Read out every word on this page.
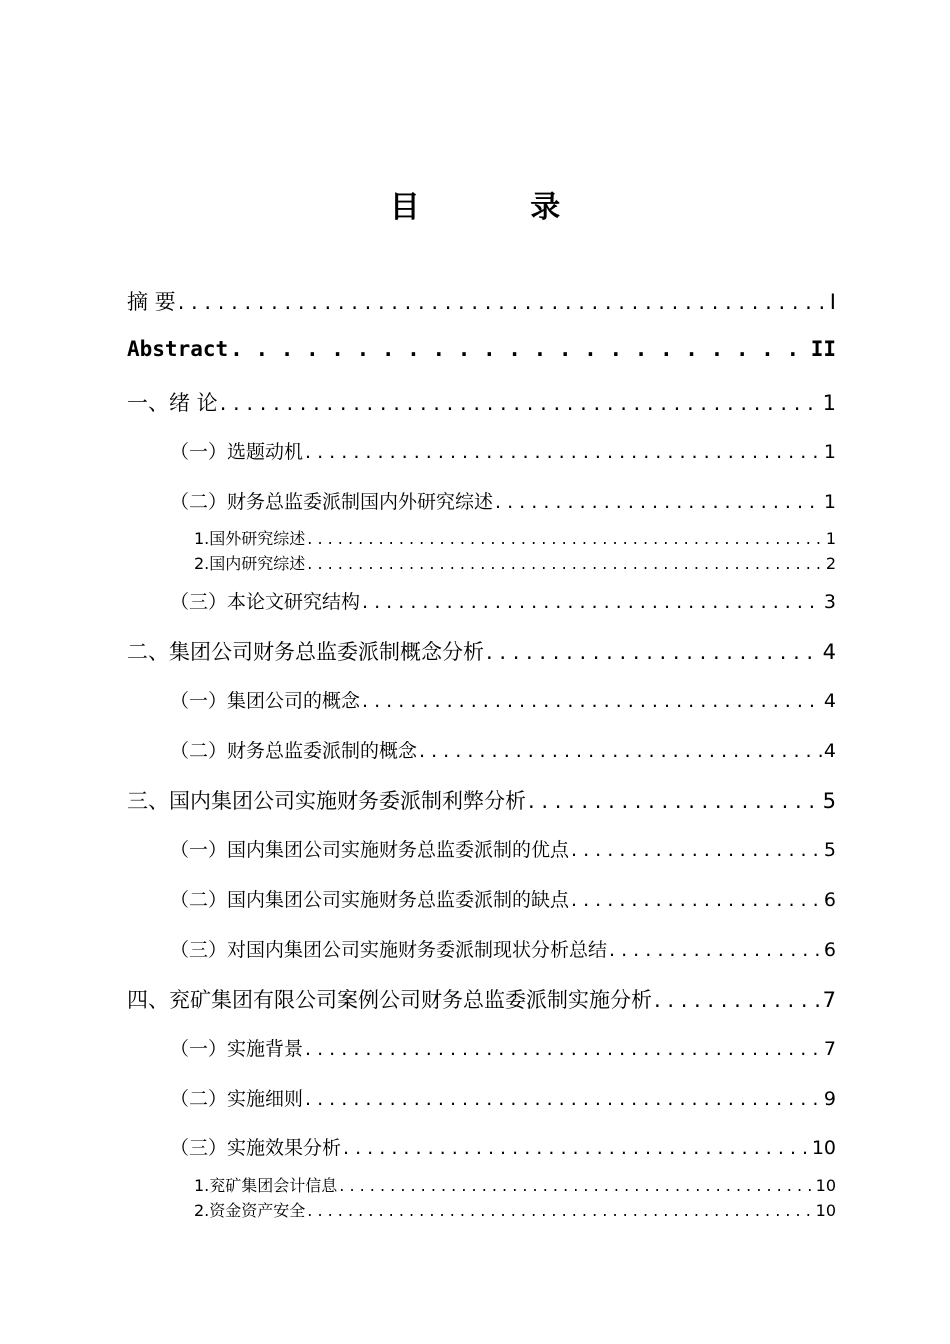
目 录
摘 要 . . .	I
Abstract . . .	II
一、绪 论 . . .	1
（一）选题动机 . . .	1
（二）财务总监委派制国内外研究综述 . . .	1
1. 国外研究综述 . . .	1
2. 国内研究综述 . . .	2
（三）本论文研究结构 . . .	3
二、集团公司财务总监委派制概念分析 . . .	4
（一）集团公司的概念 . . .	4
（二）财务总监委派制的概念 . . .	4
三、国内集团公司实施财务委派制利弊分析 . . .	5
（一）国内集团公司实施财务总监委派制的优点 . . .	5
（二）国内集团公司实施财务总监委派制的缺点 . . .	6
（三）对国内集团公司实施财务委派制现状分析总结 . . .	6
四、兖矿集团有限公司案例公司财务总监委派制实施分析 . . .	7
（一）实施背景 . . .	7
（二）实施细则 . . .	9
（三）实施效果分析 . . .	10
1. 兖矿集团会计信息 . . .	10
2. 资金资产安全 . . .	10
